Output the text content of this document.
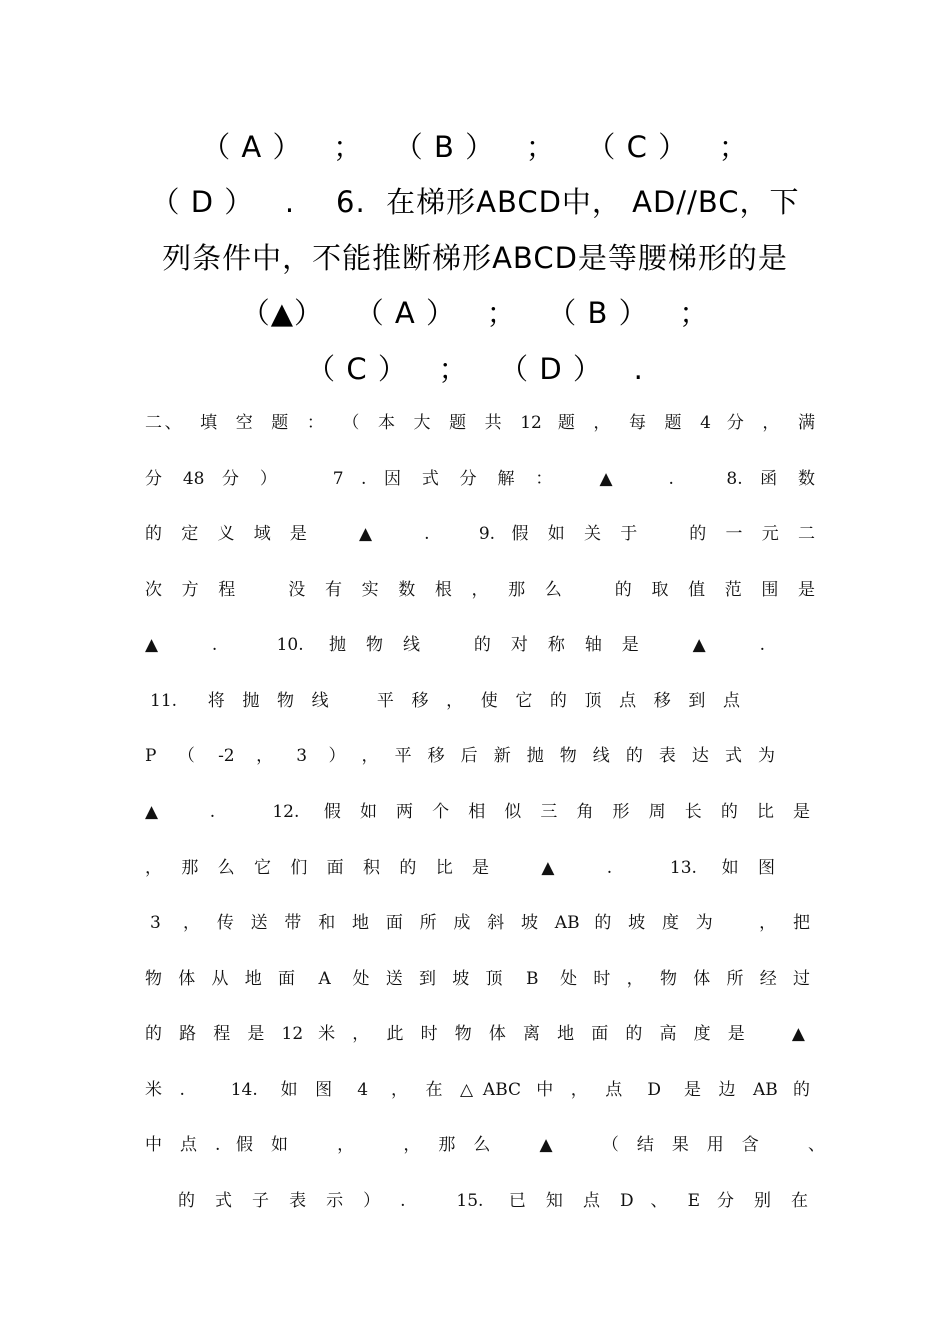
（ A ）   ；   （ B ）   ；   （ C ）   ；
（ D ）   .    6.  在梯形ABCD中， AD//BC，下
列条件中，不能推断梯形ABCD是等腰梯形的是
（▲）   （ A ）   ；   （ B ）   ；
（ C ）   ；   （ D ）   .

二、  填  空  题  ：  （  本  大  题  共  12  题  ，  每  题  4  分  ，  满

分  48  分  ）      7  .  因  式  分  解  ：     ▲      .      8.  函  数

的  定  义  域  是      ▲      .      9.  假  如  关  于      的  一  元  二

次  方  程      没  有  实  数  根  ，  那  么      的  取  值  范  围  是

▲      .       10.   抛  物  线      的  对  称  轴  是      ▲      .

11.    将  抛  物  线      平  移  ，  使  它  的  顶  点  移  到  点

P   （   -2   ，   3   ）  ，  平  移  后  新  抛  物  线  的  表  达  式  为

▲      .       12.   假  如  两  个  相  似  三  角  形  周  长  的  比  是

，  那  么  它  们  面  积  的  比  是      ▲      .       13.   如  图

3   ，  传  送  带  和  地  面  所  成  斜  坡  AB  的  坡  度  为      ，  把

物  体  从  地  面   A   处  送  到  坡  顶   B   处  时  ，  物  体  所  经  过

的  路  程  是  12  米  ，  此  时  物  体  离  地  面  的  高  度  是      ▲

米  .      14.   如  图   4   ，  在  △ ABC  中  ，  点   D   是  边  AB  的

中  点  .  假  如      ，      ，  那  么      ▲      （  结  果  用  含      、

的  式  子  表  示  ）  .      15.   已  知  点  D  、  E  分  别  在
